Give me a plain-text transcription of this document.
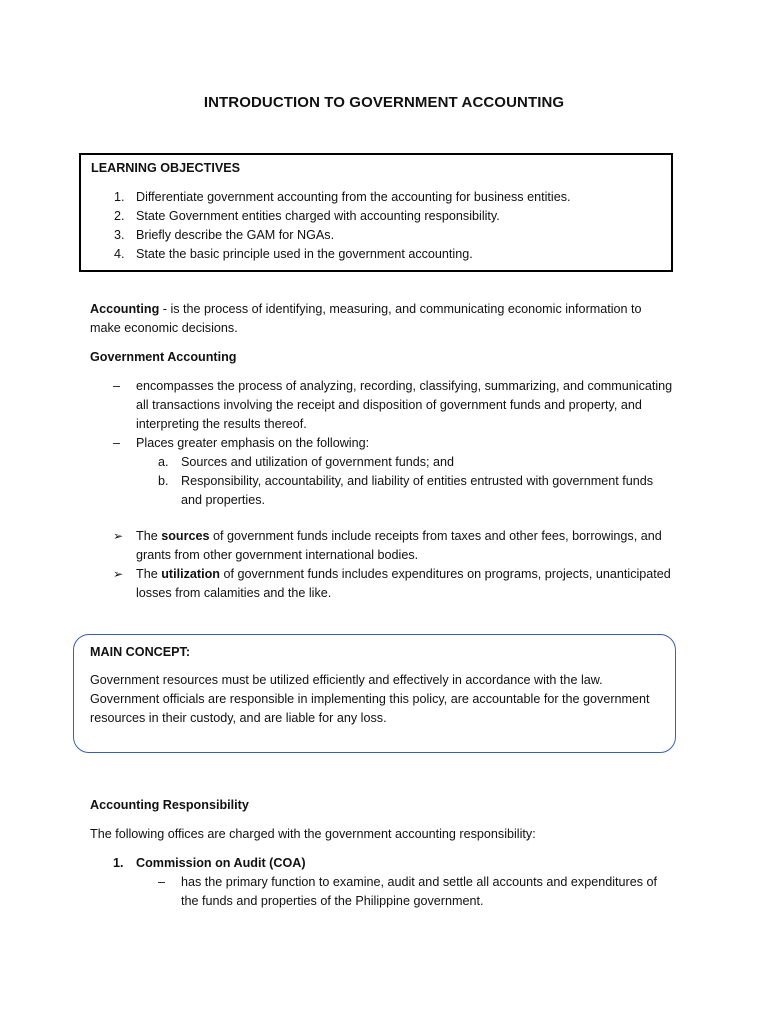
INTRODUCTION TO GOVERNMENT ACCOUNTING
LEARNING OBJECTIVES
1. Differentiate government accounting from the accounting for business entities.
2. State Government entities charged with accounting responsibility.
3. Briefly describe the GAM for NGAs.
4. State the basic principle used in the government accounting.
Accounting - is the process of identifying, measuring, and communicating economic information to
make economic decisions.
Government Accounting
– encompasses the process of analyzing, recording, classifying, summarizing, and communicating
all transactions involving the receipt and disposition of government funds and property, and
interpreting the results thereof.
– Places greater emphasis on the following:
a. Sources and utilization of government funds; and
b. Responsibility, accountability, and liability of entities entrusted with government funds
and properties.
➢ The sources of government funds include receipts from taxes and other fees, borrowings, and
grants from other government international bodies.
➢ The utilization of government funds includes expenditures on programs, projects, unanticipated
losses from calamities and the like.
MAIN CONCEPT:
Government resources must be utilized efficiently and effectively in accordance with the law.
Government officials are responsible in implementing this policy, are accountable for the government
resources in their custody, and are liable for any loss.
Accounting Responsibility
The following offices are charged with the government accounting responsibility:
1. Commission on Audit (COA)
– has the primary function to examine, audit and settle all accounts and expenditures of
the funds and properties of the Philippine government.
